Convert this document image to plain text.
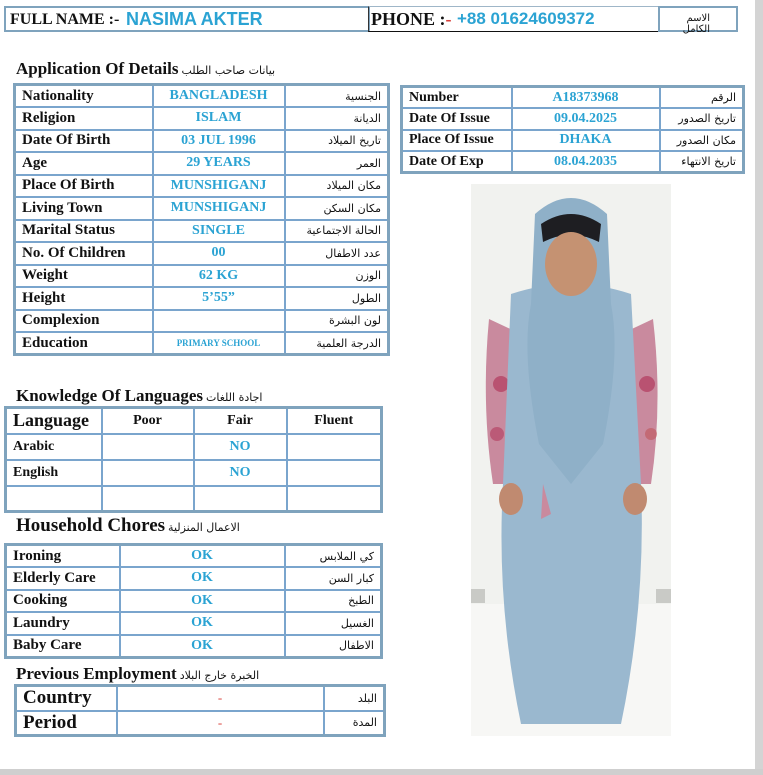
FULL NAME :- NASIMA AKTER	PHONE :- +88 01624609372	الاسم الكامل
Application Of Details بيانات صاحب الطلب
Nationality	BANGLADESH	الجنسية
Religion	ISLAM	الديانة
Date Of Birth	03 JUL 1996	تاريخ الميلاد
Age	29 YEARS	العمر
Place Of Birth	MUNSHIGANJ	مكان الميلاد
Living Town	MUNSHIGANJ	مكان السكن
Marital Status	SINGLE	الحالة الاجتماعية
No. Of Children	00	عدد الاطفال
Weight	62 KG	الوزن
Height	5’55”	الطول
Complexion		لون البشرة
Education	PRIMARY SCHOOL	الدرجة العلمية
Number	A18373968	الرقم
Date Of Issue	09.04.2025	تاريخ الصدور
Place Of Issue	DHAKA	مكان الصدور
Date Of Exp	08.04.2035	تاريخ الانتهاء
Knowledge Of Languages اجادة اللغات
Language	Poor	Fair	Fluent
Arabic		NO	
English		NO	

Household Chores الاعمال المنزلية
Ironing	OK	كي الملابس
Elderly Care	OK	كبار السن
Cooking	OK	الطبخ
Laundry	OK	الغسيل
Baby Care	OK	الاطفال
Previous Employment الخبرة خارج البلاد
Country	-	البلد
Period	-	المدة
